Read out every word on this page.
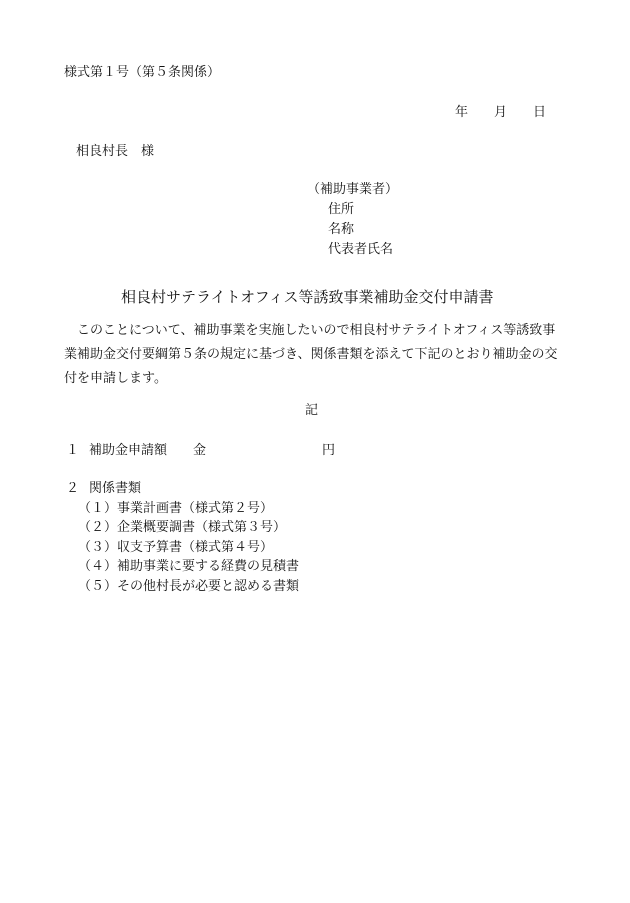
様式第１号（第５条関係）
年 月 日
相良村長　様
（補助事業者）
住所
名称
代表者氏名
相良村サテライトオフィス等誘致事業補助金交付申請書
このことについて、補助事業を実施したいので相良村サテライトオフィス等誘致事
業補助金交付要綱第５条の規定に基づき、関係書類を添えて下記のとおり補助金の交
付を申請します。
記
１ 補助金申請額 金	円
２ 関係書類
（１）事業計画書（様式第２号）
（２）企業概要調書（様式第３号）
（３）収支予算書（様式第４号）
（４）補助事業に要する経費の見積書
（５）その他村長が必要と認める書類
